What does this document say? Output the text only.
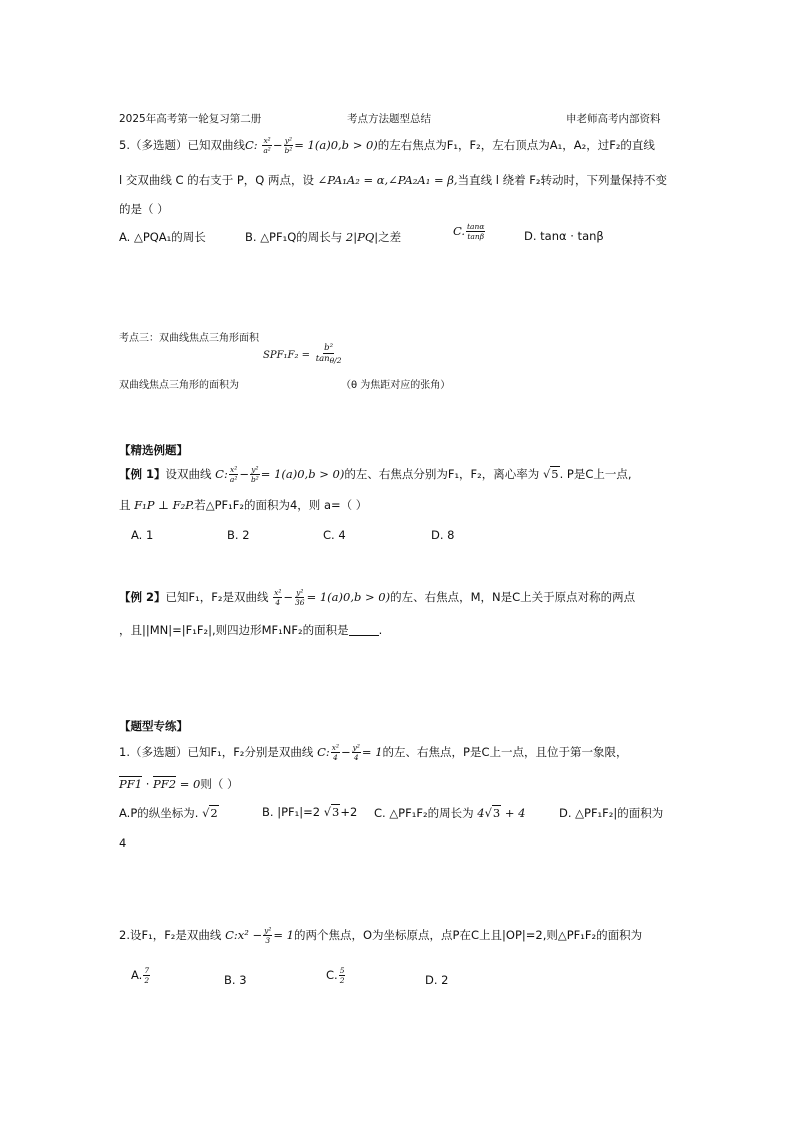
2025年高考第一轮复习第二册	考点方法题型总结	申老师高考内部资料
5.（多选题）已知双曲线C: $\frac{\text{x²}}{\text{a²}} - \frac{\text{y²}}{\text{b²}} = 1(a)0,b > 0$)的左右焦点为F₁，F₂，左右顶点为A₁，A₂，过F₂的直线
l 交双曲线 C 的右支于 P，Q 两点，设 ∠PA₁A₂ = α,∠PA₂A₁ = β,当直线 l 绕着 F₂转动时，下列量保持不变
的是（ ）
A. △PQA₁的周长	B. △PF₁Q的周长与 2|PQ|之差	C. $\frac{\tan\alpha}{\tan\beta}$	D. tanα · tanβ
考点三：双曲线焦点三角形面积
$SPF_1F_2 = \frac{\text{b²}}{\tan\theta/2}$
双曲线焦点三角形的面积为	（θ 为焦距对应的张角）
【精选例题】
【例 1】设双曲线 C: $\frac{\text{x²}}{\text{a²}} - \frac{\text{y²}}{\text{b²}} = 1(a)0,b > 0$)的左、右焦点分别为F₁，F₂，离心率为 √5. P是C上一点,
且 F₁P ⊥ F₂P.若△PF₁F₂的面积为4，则 a=（ ）
A. 1	B. 2	C. 4	D. 8
【例 2】已知F₁，F₂是双曲线 $\frac{\text{x²}}{4} - \frac{\text{y²}}{36} = 1(a)0,b > 0$)的左、右焦点，M，N是C上关于原点对称的两点
，且||MN|=|F₁F₂|,则四边形MF₁NF₂的面积是	.
【题型专练】
1.（多选题）已知F₁，F₂分别是双曲线 C: $\frac{\text{x²}}{4} - \frac{\text{y²}}{4} = 1$的左、右焦点，P是C上一点，且位于第一象限，
PF1 · PF2 = 0则（ ）
A.P的纵坐标为. √2	B. |PF₁|=2 √3+2 C. △PF₁F₂的周长为 4√3 + 4	D. △PF₁F₂|的面积为
4
2.设F₁，F₂是双曲线 C:x² − $\frac{\text{y²}}{3} = 1$的两个焦点，O为坐标原点，点P在C上且|OP|=2,则△PF₁F₂的面积为
A. $\frac{7}{2}$	B. 3	C. $\frac{5}{2}$	D. 2
